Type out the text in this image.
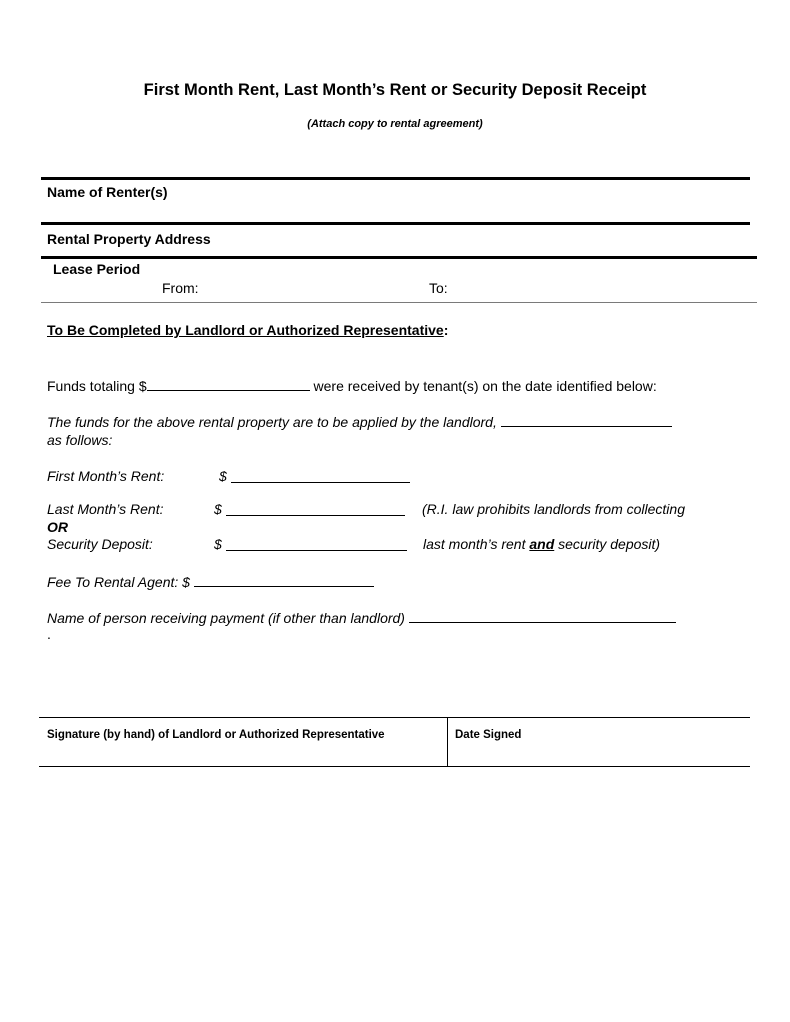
First Month Rent, Last Month’s Rent or Security Deposit Receipt
(Attach copy to rental agreement)
Name of Renter(s)
Rental Property Address
Lease Period
From:	To:
To Be Completed by Landlord or Authorized Representative:
Funds totaling $	were received by tenant(s) on the date identified below:
The funds for the above rental property are to be applied by the landlord,
as follows:
First Month’s Rent:	$
Last Month’s Rent:	$	(R.I. law prohibits landlords from collecting
OR
Security Deposit:	$	last month’s rent and security deposit)
Fee To Rental Agent: $
Name of person receiving payment (if other than landlord)
.
Signature (by hand) of Landlord or Authorized Representative	Date Signed
